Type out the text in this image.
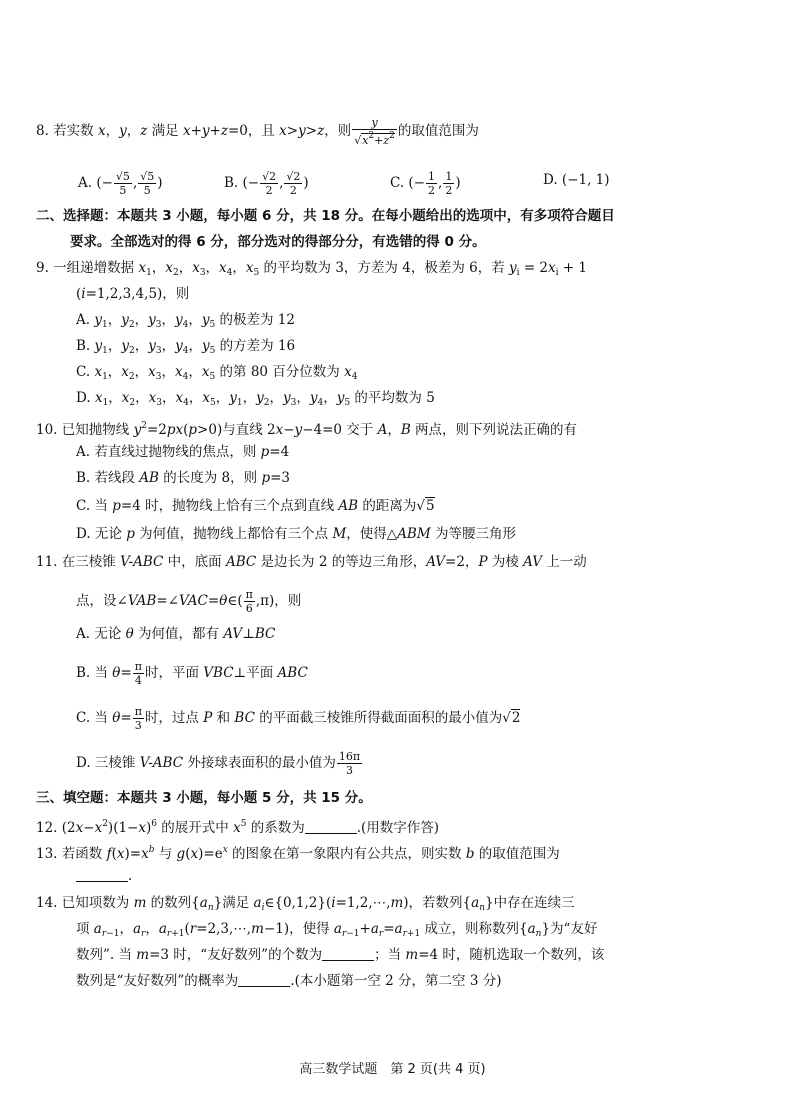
8. 若实数 x，y，z 满足 x+y+z=0，且 x>y>z，则 $\frac{y}{√x^2+z^2}$ 的取值范围为
A. (− $\frac{√5}{5}$ , $\frac{√5}{5}$ )	B. (− $\frac{√2}{2}$ , $\frac{√2}{2}$ )	C. (− $\frac{1}{2}$ , $\frac{1}{2}$ )	D. (−1, 1)
二、选择题：本题共 3 小题，每小题 6 分，共 18 分。在每小题给出的选项中，有多项符合题目
要求。全部选对的得 6 分，部分选对的得部分分，有选错的得 0 分。
9. 一组递增数据 $x_1$，$x_2$，$x_3$，$x_4$，$x_5$ 的平均数为 3，方差为 4，极差为 6，若 $y_i = 2x_i + 1$
(i=1,2,3,4,5)，则
A. $y_1$，$y_2$，$y_3$，$y_4$，$y_5$ 的极差为 12
B. $y_1$，$y_2$，$y_3$，$y_4$，$y_5$ 的方差为 16
C. $x_1$，$x_2$，$x_3$，$x_4$，$x_5$ 的第 80 百分位数为 $x_4$
D. $x_1$，$x_2$，$x_3$，$x_4$，$x_5$，$y_1$，$y_2$，$y_3$，$y_4$，$y_5$ 的平均数为 5
10. 已知抛物线 $y^2=2px(p>0)$与直线 2x−y−4=0 交于 A，B 两点，则下列说法正确的有
A. 若直线过抛物线的焦点，则 p=4
B. 若线段 AB 的长度为 8，则 p=3
C. 当 p=4 时，抛物线上恰有三个点到直线 AB 的距离为√5
D. 无论 p 为何值，抛物线上都恰有三个点 M，使得△ABM 为等腰三角形
11. 在三棱锥 V-ABC 中，底面 ABC 是边长为 2 的等边三角形，AV=2，P 为棱 AV 上一动
点，设∠VAB=∠VAC=θ∈( $\frac{\pi}{6} ,\pi$)，则
A. 无论 θ 为何值，都有 AV⊥BC
B. 当 $\theta= \frac{\pi}{4}$ 时，平面 VBC⊥平面 ABC
C. 当 $\theta= \frac{\pi}{3}$ 时，过点 P 和 BC 的平面截三棱锥所得截面面积的最小值为√2
D. 三棱锥 V-ABC 外接球表面积的最小值为 $\frac{16\pi}{3}$
三、填空题：本题共 3 小题，每小题 5 分，共 15 分。
12. $(2x-x^2)(1-x)^6$ 的展开式中 $x^5$ 的系数为	.(用数字作答)
13. 若函数 $f(x)=x^b$ 与 $g(x)=e^x$ 的图象在第一象限内有公共点，则实数 b 的取值范围为
.
14. 已知项数为 m 的数列$\{a_n\}$满足 $a_i\in\{0,1,2\}(i=1,2,\cdots,m)$，若数列$\{a_n\}$中存在连续三
项 $a_{r-1}$，$a_r$，$a_{r+1}(r=2,3,\cdots,m-1)$，使得 $a_{r-1}+a_r=a_{r+1}$ 成立，则称数列$\{a_n\}$为“友好
数列”. 当 m=3 时，“友好数列”的个数为	；当 m=4 时，随机选取一个数列，该
数列是“友好数列”的概率为	.(本小题第一空 2 分，第二空 3 分)
高三数学试题　第 2 页(共 4 页)
